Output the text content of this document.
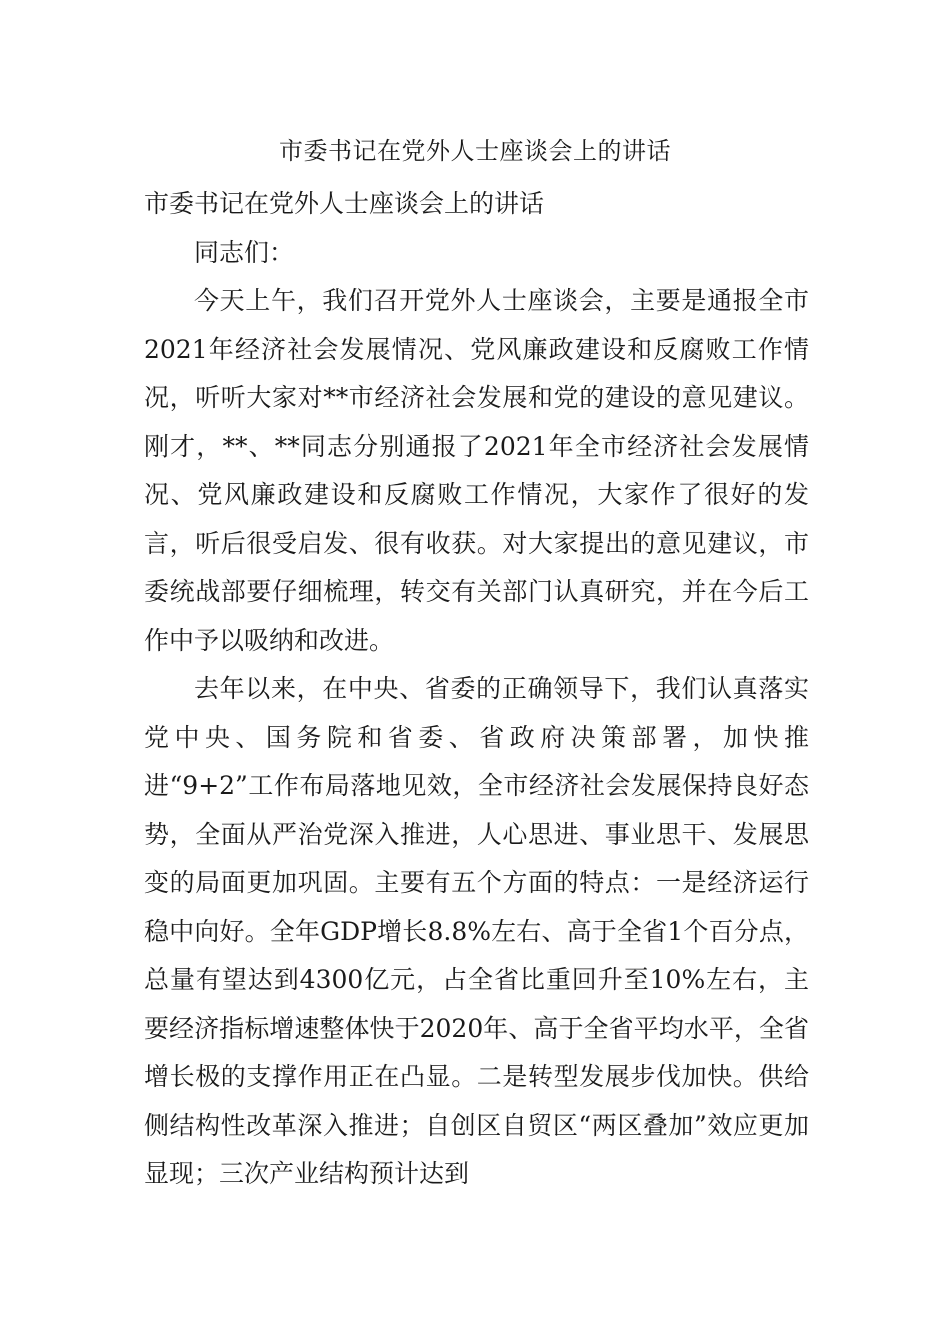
市委书记在党外人士座谈会上的讲话

市委书记在党外人士座谈会上的讲话

同志们：

今天上午，我们召开党外人士座谈会，主要是通报全市2021年经济社会发展情况、党风廉政建设和反腐败工作情况，听听大家对**市经济社会发展和党的建设的意见建议。刚才，**、**同志分别通报了2021年全市经济社会发展情况、党风廉政建设和反腐败工作情况，大家作了很好的发言，听后很受启发、很有收获。对大家提出的意见建议，市委统战部要仔细梳理，转交有关部门认真研究，并在今后工作中予以吸纳和改进。

去年以来，在中央、省委的正确领导下，我们认真落实党中央、国务院和省委、省政府决策部署，加快推进“9+2”工作布局落地见效，全市经济社会发展保持良好态势，全面从严治党深入推进，人心思进、事业思干、发展思变的局面更加巩固。主要有五个方面的特点：一是经济运行稳中向好。全年GDP增长8.8%左右、高于全省1个百分点，总量有望达到4300亿元，占全省比重回升至10%左右，主要经济指标增速整体快于2020年、高于全省平均水平，全省增长极的支撑作用正在凸显。二是转型发展步伐加快。供给侧结构性改革深入推进；自创区自贸区“两区叠加”效应更加显现；三次产业结构预计达到
